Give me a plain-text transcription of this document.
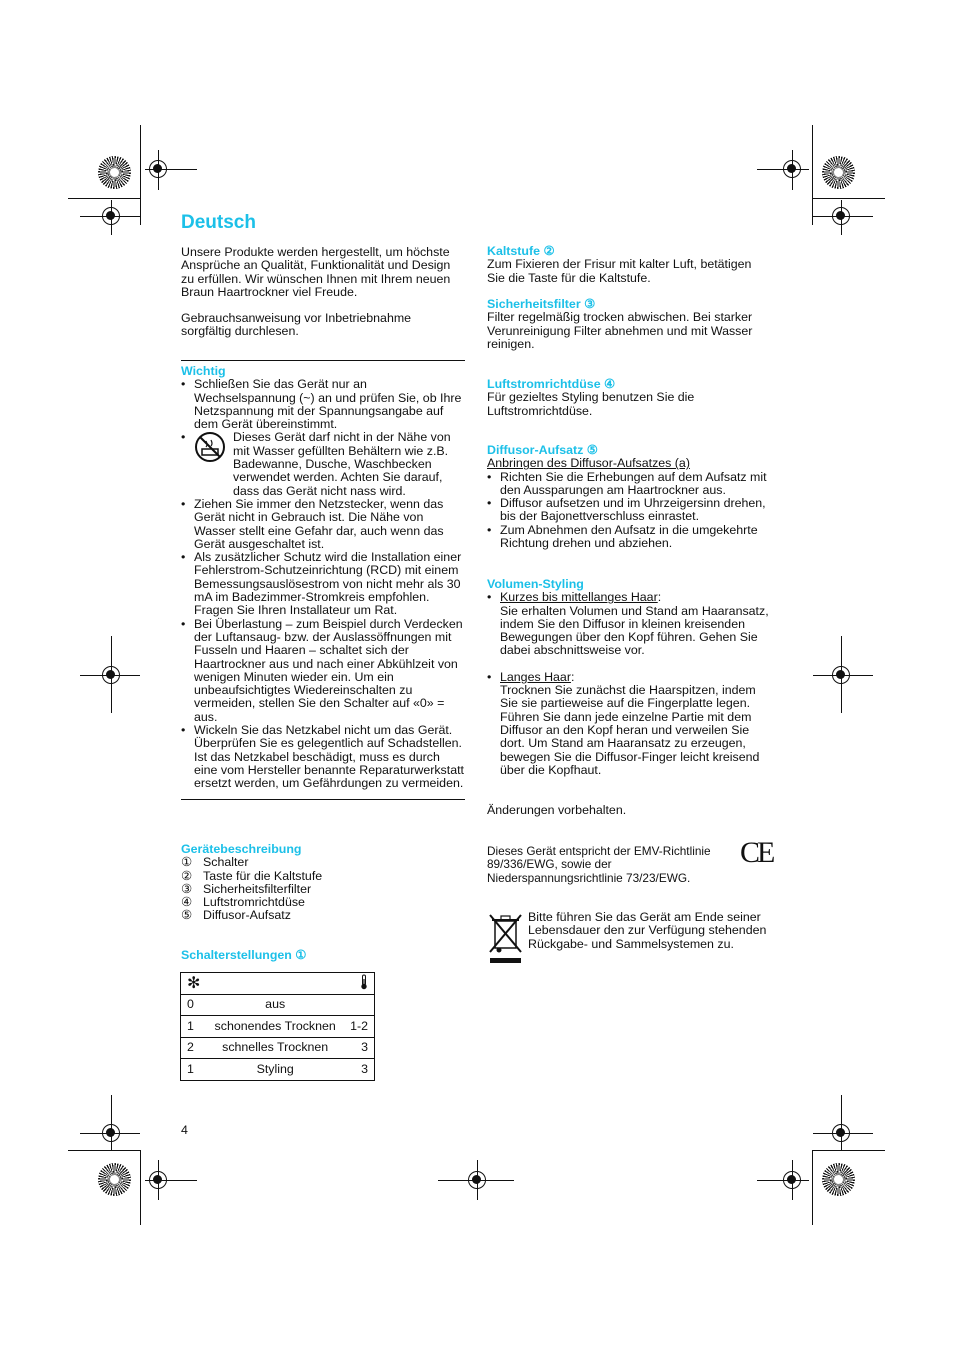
Deutsch

Unsere Produkte werden hergestellt, um höchste Ansprüche an Qualität, Funktionalität und Design zu erfüllen. Wir wünschen Ihnen mit Ihrem neuen Braun Haartrockner viel Freude.

Gebrauchsanweisung vor Inbetriebnahme sorgfältig durchlesen.

Wichtig

• Schließen Sie das Gerät nur an Wechselspannung (~) an und prüfen Sie, ob Ihre Netzspannung mit der Spannungsangabe auf dem Gerät übereinstimmt.
• Dieses Gerät darf nicht in der Nähe von mit Wasser gefüllten Behältern wie z.B. Badewanne, Dusche, Waschbecken verwendet werden. Achten Sie darauf, dass das Gerät nicht nass wird.
• Ziehen Sie immer den Netzstecker, wenn das Gerät nicht in Gebrauch ist. Die Nähe von Wasser stellt eine Gefahr dar, auch wenn das Gerät ausgeschaltet ist.
• Als zusätzlicher Schutz wird die Installation einer Fehlerstrom-Schutzeinrichtung (RCD) mit einem Bemessungsauslösestrom von nicht mehr als 30 mA im Badezimmer-Stromkreis empfohlen. Fragen Sie Ihren Installateur um Rat.
• Bei Überlastung – zum Beispiel durch Verdecken der Luftansaug- bzw. der Auslassöffnungen mit Fusseln und Haaren – schaltet sich der Haartrockner aus und nach einer Abkühlzeit von wenigen Minuten wieder ein. Um ein unbeaufsichtigtes Wiedereinschalten zu vermeiden, stellen Sie den Schalter auf «0» = aus.
• Wickeln Sie das Netzkabel nicht um das Gerät. Überprüfen Sie es gelegentlich auf Schadstellen. Ist das Netzkabel beschädigt, muss es durch eine vom Hersteller benannte Reparaturwerkstatt ersetzt werden, um Gefährdungen zu vermeiden.

Gerätebeschreibung

① Schalter
② Taste für die Kaltstufe
③ Sicherheitsfilterfilter
④ Luftstromrichtdüse
⑤ Diffusor-Aufsatz

Schalterstellungen ①

✻		
0	aus	
1	schonendes Trocknen	1-2
2	schnelles Trocknen	3
1	Styling	3
4

Kaltstufe ②

Zum Fixieren der Frisur mit kalter Luft, betätigen Sie die Taste für die Kaltstufe.

Sicherheitsfilter ③

Filter regelmäßig trocken abwischen. Bei starker Verunreinigung Filter abnehmen und mit Wasser reinigen.

Luftstromrichtdüse ④

Für gezieltes Styling benutzen Sie die Luftstromrichtdüse.

Diffusor-Aufsatz ⑤

Anbringen des Diffusor-Aufsatzes (a)

• Richten Sie die Erhebungen auf dem Aufsatz mit den Aussparungen am Haartrockner aus.
• Diffusor aufsetzen und im Uhrzeigersinn drehen, bis der Bajonettverschluss einrastet.
• Zum Abnehmen den Aufsatz in die umgekehrte Richtung drehen und abziehen.

Volumen-Styling

• Kurzes bis mittellanges Haar:
Sie erhalten Volumen und Stand am Haaransatz, indem Sie den Diffusor in kleinen kreisenden Bewegungen über den Kopf führen. Gehen Sie dabei abschnittsweise vor.
• Langes Haar:
Trocknen Sie zunächst die Haarspitzen, indem Sie sie partieweise auf die Fingerplatte legen. Führen Sie dann jede einzelne Partie mit dem Diffusor an den Kopf heran und verweilen Sie dort. Um Stand am Haaransatz zu erzeugen, bewegen Sie die Diffusor-Finger leicht kreisend über die Kopfhaut.

Änderungen vorbehalten.

Dieses Gerät entspricht der EMV-Richtlinie 89/336/EWG, sowie der Niederspannungsrichtlinie 73/23/EWG.

CE

Bitte führen Sie das Gerät am Ende seiner Lebensdauer den zur Verfügung stehenden Rückgabe- und Sammelsystemen zu.
